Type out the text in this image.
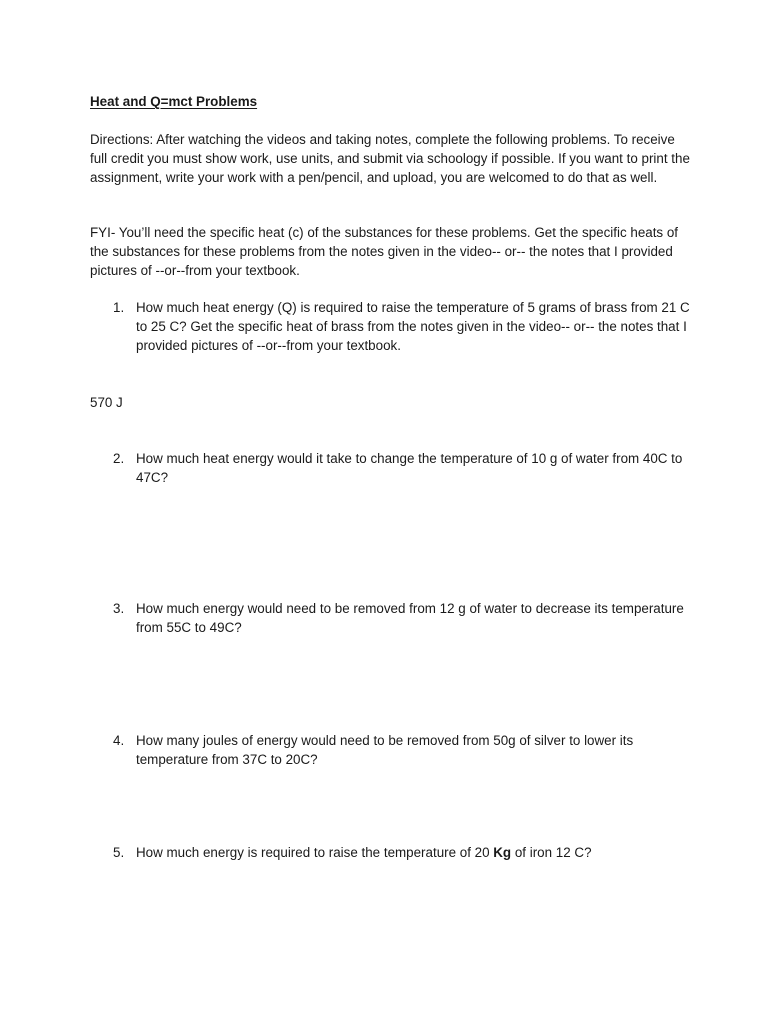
Heat and Q=mct Problems
Directions: After watching the videos and taking notes, complete the following problems. To receive full credit you must show work, use units, and submit via schoology if possible. If you want to print the assignment, write your work with a pen/pencil, and upload, you are welcomed to do that as well.
FYI- You’ll need the specific heat (c) of the substances for these problems. Get the specific heats of the substances for these problems from the notes given in the video-- or-- the notes that I provided pictures of --or--from your textbook.
1. How much heat energy (Q) is required to raise the temperature of 5 grams of brass from 21 C to 25 C? Get the specific heat of brass from the notes given in the video-- or-- the notes that I provided pictures of --or--from your textbook.
570 J
2. How much heat energy would it take to change the temperature of 10 g of water from 40C to 47C?
3. How much energy would need to be removed from 12 g of water to decrease its temperature from 55C to 49C?
4. How many joules of energy would need to be removed from 50g of silver to lower its temperature from 37C to 20C?
5. How much energy is required to raise the temperature of 20 Kg of iron 12 C?
